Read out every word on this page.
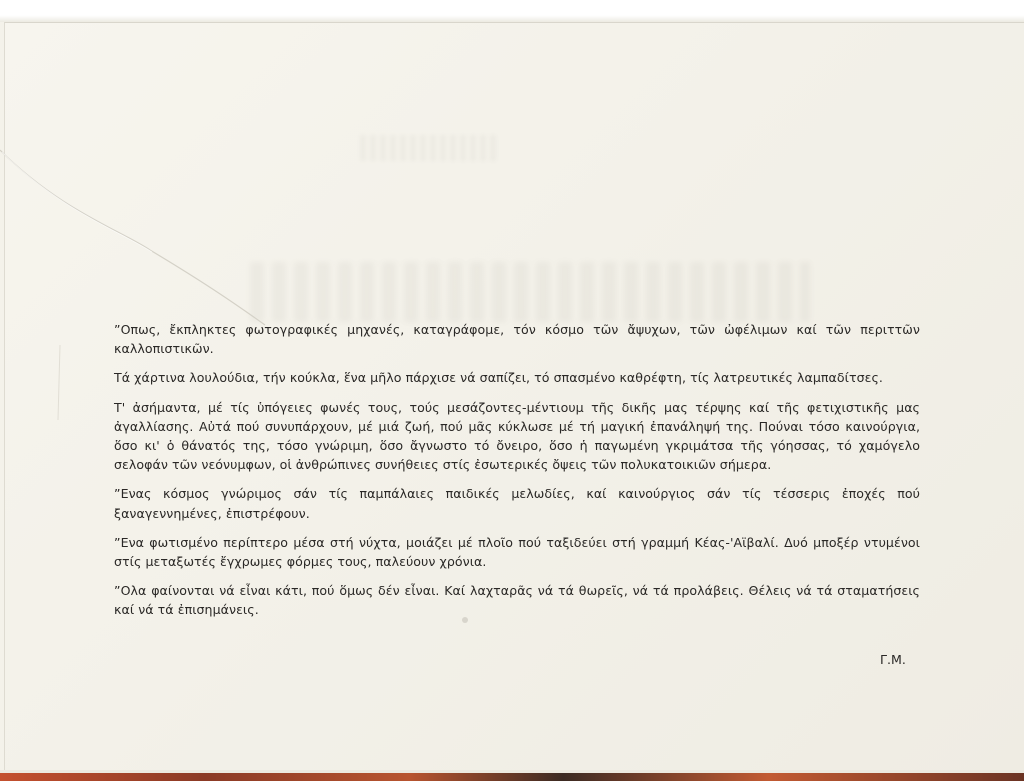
”Οπως, ἔκπληκτες φωτογραφικές μηχανές, καταγράφομε, τόν κόσμο τῶν ἄψυχων, τῶν ὠφέλιμων καί τῶν περιττῶν καλλοπιστικῶν.

Τά χάρτινα λουλούδια, τήν κούκλα, ἕνα μῆλο πάρχισε νά σαπίζει, τό σπασμένο καθρέφτη, τίς λατρευτικές λαμπαδίτσες.

Τ' ἀσήμαντα, μέ τίς ὑπόγειες φωνές τους, τούς μεσάζοντες-μέντιουμ τῆς δικῆς μας τέρψης καί τῆς φετιχιστικῆς μας ἀγαλλίασης. Αὐτά πού συνυπάρχουν, μέ μιά ζωή, πού μᾶς κύκλωσε μέ τή μαγική ἐπανάληψή της. Πούναι τόσο καινούργια, ὅσο κι' ὁ θάνατός της, τόσο γνώριμη, ὅσο ἄγνωστο τό ὄνειρο, ὅσο ἡ παγωμένη γκριμάτσα τῆς γόησσας, τό χαμόγελο σελοφάν τῶν νεόνυμφων, οἱ ἀνθρώπινες συνήθειες στίς ἐσωτερικές ὄψεις τῶν πολυκατοικιῶν σήμερα.

”Ενας κόσμος γνώριμος σάν τίς παμπάλαιες παιδικές μελωδίες, καί καινούργιος σάν τίς τέσσερις ἐποχές πού ξαναγεννημένες, ἐπιστρέφουν.

”Ενα φωτισμένο περίπτερο μέσα στή νύχτα, μοιάζει μέ πλοῖο πού ταξιδεύει στή γραμμή Κέας-'Αϊβαλί. Δυό μποξέρ ντυμένοι στίς μεταξωτές ἔγχρωμες φόρμες τους, παλεύουν χρόνια.

”Ολα φαίνονται νά εἶναι κάτι, πού ὅμως δέν εἶναι. Καί λαχταρᾶς νά τά θωρεῖς, νά τά προλάβεις. Θέλεις νά τά σταματήσεις καί νά τά ἐπισημάνεις.

Γ.Μ.
